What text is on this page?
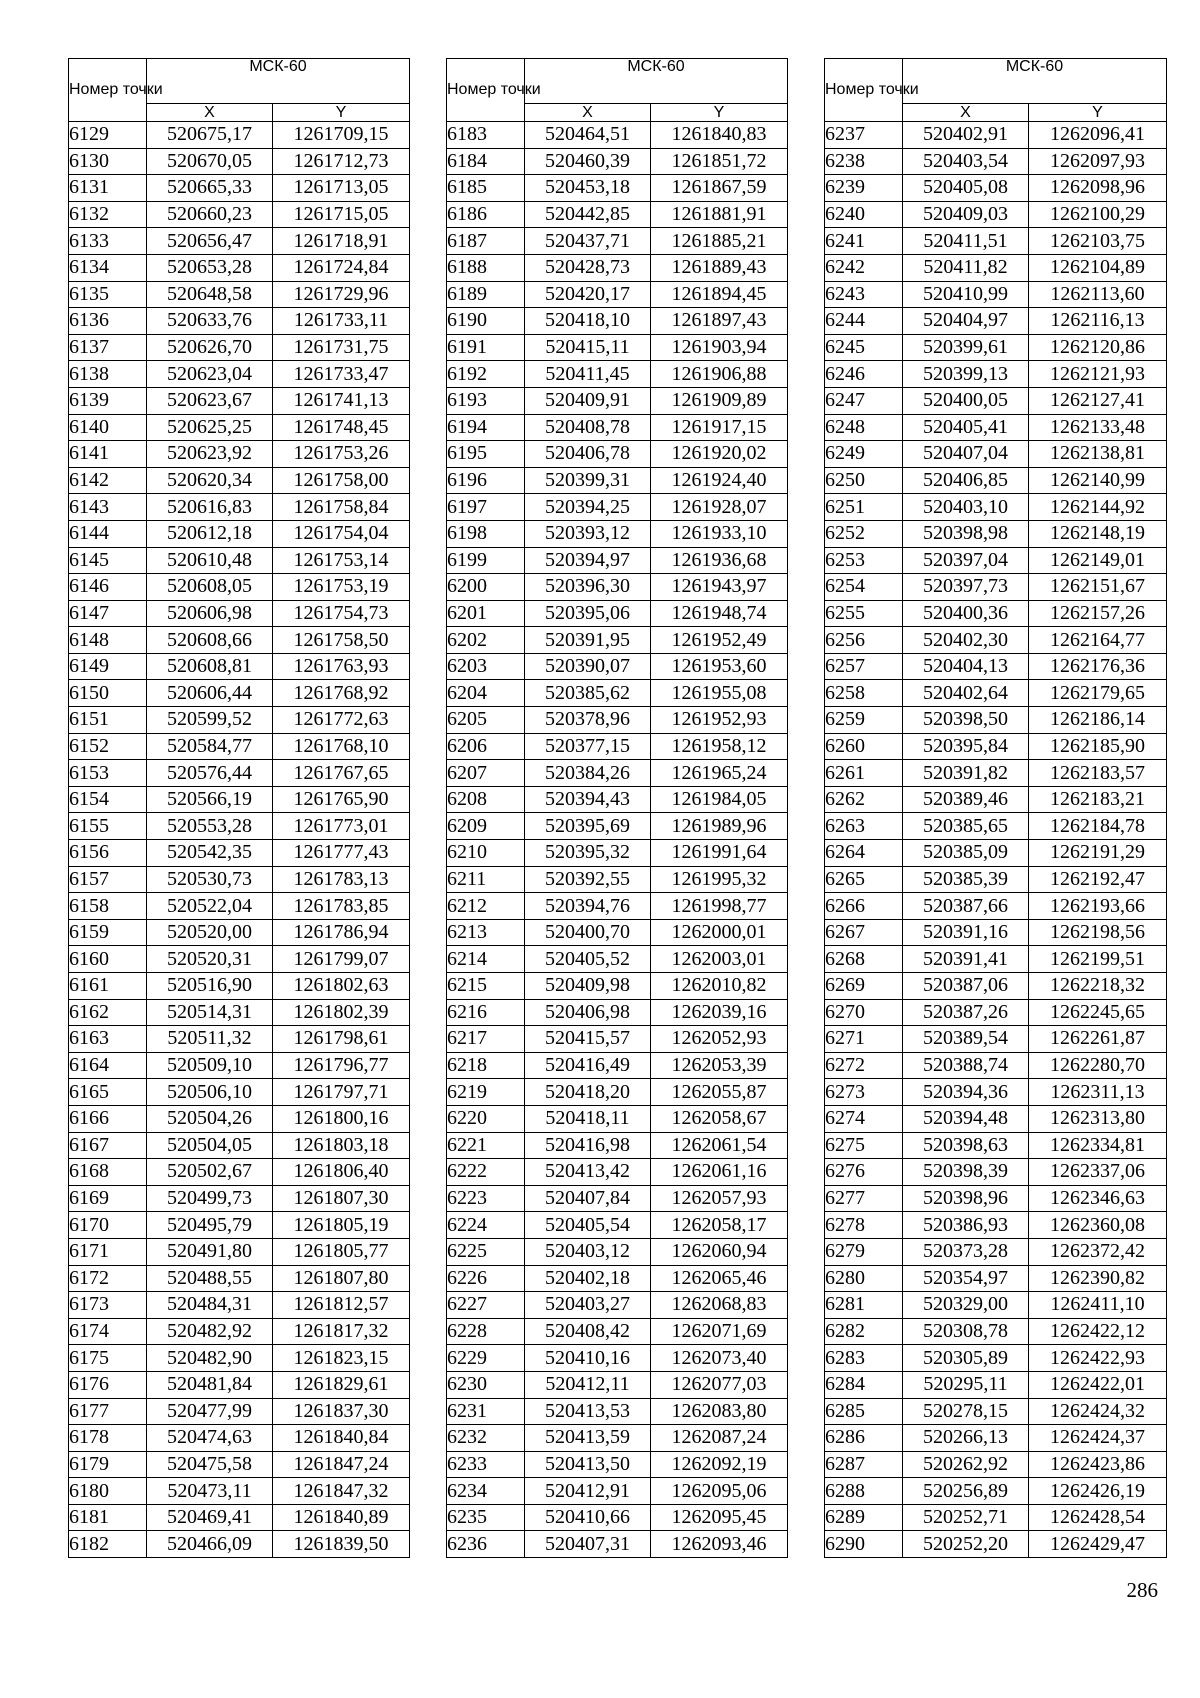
Номер точки	МСК-60	
	X	Y
6129	520675,17	1261709,15
6130	520670,05	1261712,73
6131	520665,33	1261713,05
6132	520660,23	1261715,05
6133	520656,47	1261718,91
6134	520653,28	1261724,84
6135	520648,58	1261729,96
6136	520633,76	1261733,11
6137	520626,70	1261731,75
6138	520623,04	1261733,47
6139	520623,67	1261741,13
6140	520625,25	1261748,45
6141	520623,92	1261753,26
6142	520620,34	1261758,00
6143	520616,83	1261758,84
6144	520612,18	1261754,04
6145	520610,48	1261753,14
6146	520608,05	1261753,19
6147	520606,98	1261754,73
6148	520608,66	1261758,50
6149	520608,81	1261763,93
6150	520606,44	1261768,92
6151	520599,52	1261772,63
6152	520584,77	1261768,10
6153	520576,44	1261767,65
6154	520566,19	1261765,90
6155	520553,28	1261773,01
6156	520542,35	1261777,43
6157	520530,73	1261783,13
6158	520522,04	1261783,85
6159	520520,00	1261786,94
6160	520520,31	1261799,07
6161	520516,90	1261802,63
6162	520514,31	1261802,39
6163	520511,32	1261798,61
6164	520509,10	1261796,77
6165	520506,10	1261797,71
6166	520504,26	1261800,16
6167	520504,05	1261803,18
6168	520502,67	1261806,40
6169	520499,73	1261807,30
6170	520495,79	1261805,19
6171	520491,80	1261805,77
6172	520488,55	1261807,80
6173	520484,31	1261812,57
6174	520482,92	1261817,32
6175	520482,90	1261823,15
6176	520481,84	1261829,61
6177	520477,99	1261837,30
6178	520474,63	1261840,84
6179	520475,58	1261847,24
6180	520473,11	1261847,32
6181	520469,41	1261840,89
6182	520466,09	1261839,50
Номер точки	МСК-60	
	X	Y
6183	520464,51	1261840,83
6184	520460,39	1261851,72
6185	520453,18	1261867,59
6186	520442,85	1261881,91
6187	520437,71	1261885,21
6188	520428,73	1261889,43
6189	520420,17	1261894,45
6190	520418,10	1261897,43
6191	520415,11	1261903,94
6192	520411,45	1261906,88
6193	520409,91	1261909,89
6194	520408,78	1261917,15
6195	520406,78	1261920,02
6196	520399,31	1261924,40
6197	520394,25	1261928,07
6198	520393,12	1261933,10
6199	520394,97	1261936,68
6200	520396,30	1261943,97
6201	520395,06	1261948,74
6202	520391,95	1261952,49
6203	520390,07	1261953,60
6204	520385,62	1261955,08
6205	520378,96	1261952,93
6206	520377,15	1261958,12
6207	520384,26	1261965,24
6208	520394,43	1261984,05
6209	520395,69	1261989,96
6210	520395,32	1261991,64
6211	520392,55	1261995,32
6212	520394,76	1261998,77
6213	520400,70	1262000,01
6214	520405,52	1262003,01
6215	520409,98	1262010,82
6216	520406,98	1262039,16
6217	520415,57	1262052,93
6218	520416,49	1262053,39
6219	520418,20	1262055,87
6220	520418,11	1262058,67
6221	520416,98	1262061,54
6222	520413,42	1262061,16
6223	520407,84	1262057,93
6224	520405,54	1262058,17
6225	520403,12	1262060,94
6226	520402,18	1262065,46
6227	520403,27	1262068,83
6228	520408,42	1262071,69
6229	520410,16	1262073,40
6230	520412,11	1262077,03
6231	520413,53	1262083,80
6232	520413,59	1262087,24
6233	520413,50	1262092,19
6234	520412,91	1262095,06
6235	520410,66	1262095,45
6236	520407,31	1262093,46
Номер точки	МСК-60	
	X	Y
6237	520402,91	1262096,41
6238	520403,54	1262097,93
6239	520405,08	1262098,96
6240	520409,03	1262100,29
6241	520411,51	1262103,75
6242	520411,82	1262104,89
6243	520410,99	1262113,60
6244	520404,97	1262116,13
6245	520399,61	1262120,86
6246	520399,13	1262121,93
6247	520400,05	1262127,41
6248	520405,41	1262133,48
6249	520407,04	1262138,81
6250	520406,85	1262140,99
6251	520403,10	1262144,92
6252	520398,98	1262148,19
6253	520397,04	1262149,01
6254	520397,73	1262151,67
6255	520400,36	1262157,26
6256	520402,30	1262164,77
6257	520404,13	1262176,36
6258	520402,64	1262179,65
6259	520398,50	1262186,14
6260	520395,84	1262185,90
6261	520391,82	1262183,57
6262	520389,46	1262183,21
6263	520385,65	1262184,78
6264	520385,09	1262191,29
6265	520385,39	1262192,47
6266	520387,66	1262193,66
6267	520391,16	1262198,56
6268	520391,41	1262199,51
6269	520387,06	1262218,32
6270	520387,26	1262245,65
6271	520389,54	1262261,87
6272	520388,74	1262280,70
6273	520394,36	1262311,13
6274	520394,48	1262313,80
6275	520398,63	1262334,81
6276	520398,39	1262337,06
6277	520398,96	1262346,63
6278	520386,93	1262360,08
6279	520373,28	1262372,42
6280	520354,97	1262390,82
6281	520329,00	1262411,10
6282	520308,78	1262422,12
6283	520305,89	1262422,93
6284	520295,11	1262422,01
6285	520278,15	1262424,32
6286	520266,13	1262424,37
6287	520262,92	1262423,86
6288	520256,89	1262426,19
6289	520252,71	1262428,54
6290	520252,20	1262429,47
286
